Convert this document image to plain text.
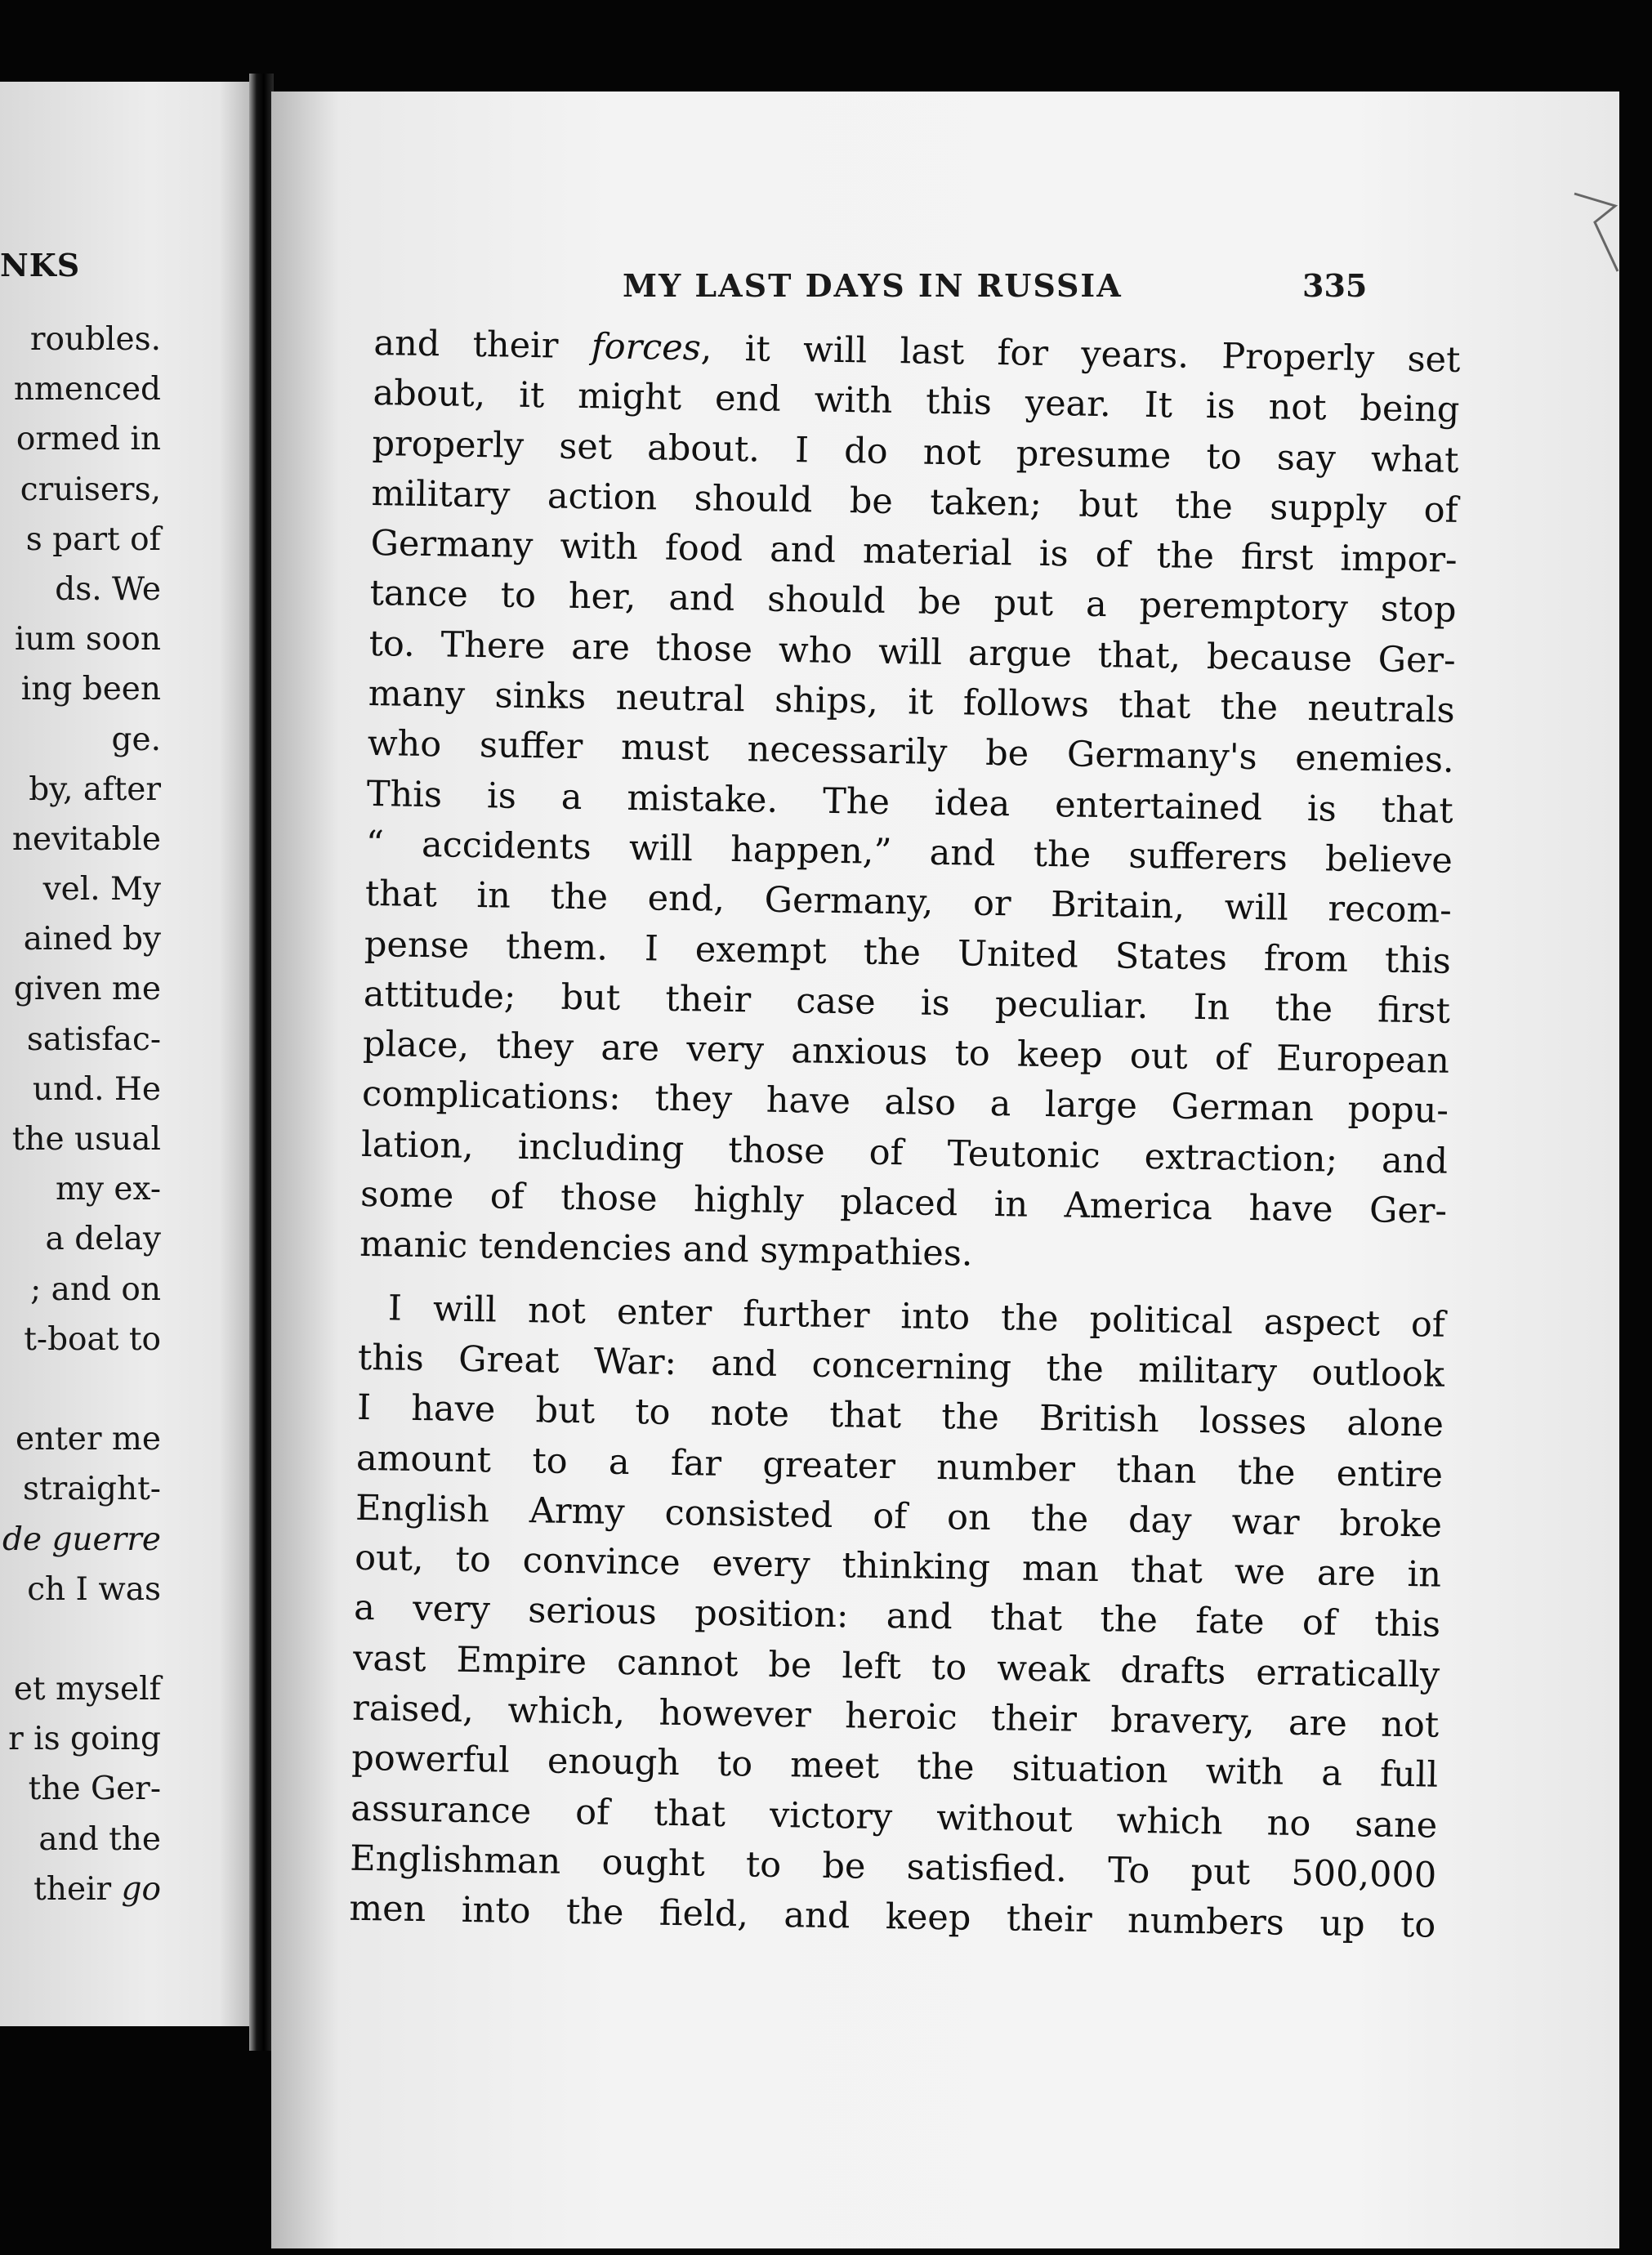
NKS
roubles.
nmenced
ormed in
cruisers,
s part of
ds. We
ium soon
ing been
ge.
by, after
nevitable
vel. My
ained by
given me
satisfac-
und. He
the usual
my ex-
a delay
; and on
t-boat to
enter me
straight-
de guerre
ch I was
et myself
r is going
the Ger-
and the
their go
MY LAST DAYS IN RUSSIA	335
and their forces, it will last for years. Properly set
about, it might end with this year. It is not being
properly set about. I do not presume to say what
military action should be taken; but the supply of
Germany with food and material is of the first impor-
tance to her, and should be put a peremptory stop
to. There are those who will argue that, because Ger-
many sinks neutral ships, it follows that the neutrals
who suffer must necessarily be Germany's enemies.
This is a mistake. The idea entertained is that
“ accidents will happen,” and the sufferers believe
that in the end, Germany, or Britain, will recom-
pense them. I exempt the United States from this
attitude; but their case is peculiar. In the first
place, they are very anxious to keep out of European
complications: they have also a large German popu-
lation, including those of Teutonic extraction; and
some of those highly placed in America have Ger-
manic tendencies and sympathies.
I will not enter further into the political aspect of
this Great War: and concerning the military outlook
I have but to note that the British losses alone
amount to a far greater number than the entire
English Army consisted of on the day war broke
out, to convince every thinking man that we are in
a very serious position: and that the fate of this
vast Empire cannot be left to weak drafts erratically
raised, which, however heroic their bravery, are not
powerful enough to meet the situation with a full
assurance of that victory without which no sane
Englishman ought to be satisfied. To put 500,000
men into the field, and keep their numbers up to
